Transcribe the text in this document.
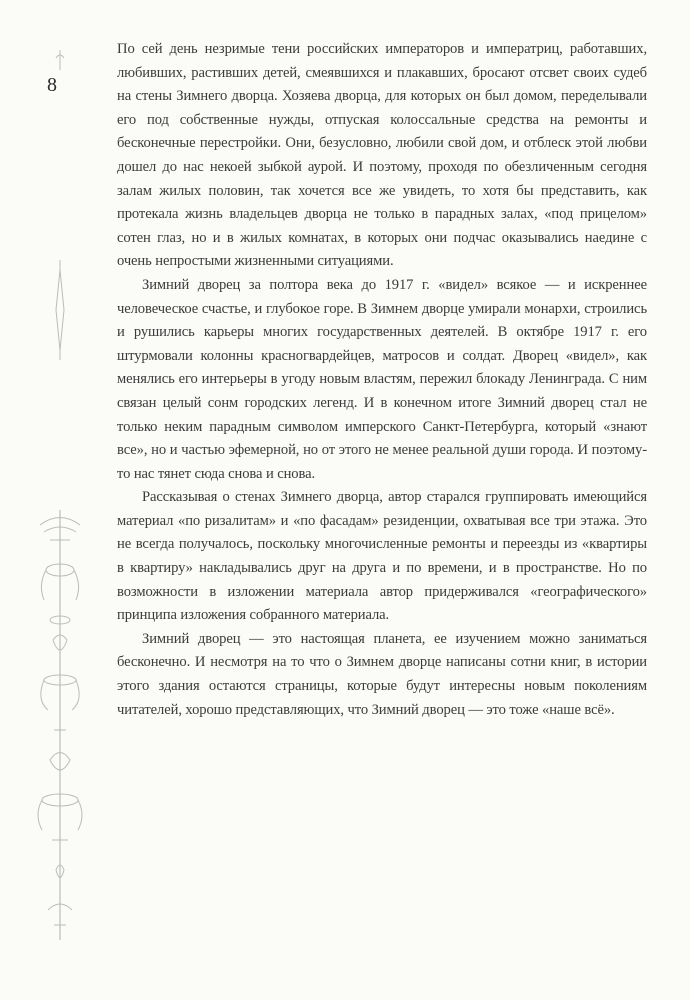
8

По сей день незримые тени российских императоров и императриц, работавших, любивших, растивших детей, смеявшихся и плакавших, бросают отсвет своих судеб на стены Зимнего дворца. Хозяева дворца, для которых он был домом, переделывали его под собственные нужды, отпуская колоссальные средства на ремонты и бесконечные перестройки. Они, безусловно, любили свой дом, и отблеск этой любви дошел до нас некоей зыбкой аурой. И поэтому, проходя по обезличенным сегодня залам жилых половин, так хочется все же увидеть, то хотя бы представить, как протекала жизнь владельцев дворца не только в парадных залах, «под прицелом» сотен глаз, но и в жилых комнатах, в которых они подчас оказывались наедине с очень непростыми жизненными ситуациями.

Зимний дворец за полтора века до 1917 г. «видел» всякое — и искреннее человеческое счастье, и глубокое горе. В Зимнем дворце умирали монархи, строились и рушились карьеры многих государственных деятелей. В октябре 1917 г. его штурмовали колонны красногвардейцев, матросов и солдат. Дворец «видел», как менялись его интерьеры в угоду новым властям, пережил блокаду Ленинграда. С ним связан целый сонм городских легенд. И в конечном итоге Зимний дворец стал не только неким парадным символом имперского Санкт-Петербурга, который «знают все», но и частью эфемерной, но от этого не менее реальной души города. И поэтому-то нас тянет сюда снова и снова.

Рассказывая о стенах Зимнего дворца, автор старался группировать имеющийся материал «по ризалитам» и «по фасадам» резиденции, охватывая все три этажа. Это не всегда получалось, поскольку многочисленные ремонты и переезды из «квартиры в квартиру» накладывались друг на друга и по времени, и в пространстве. Но по возможности в изложении материала автор придерживался «географического» принципа изложения собранного материала.

Зимний дворец — это настоящая планета, ее изучением можно заниматься бесконечно. И несмотря на то что о Зимнем дворце написаны сотни книг, в истории этого здания остаются страницы, которые будут интересны новым поколениям читателей, хорошо представляющих, что Зимний дворец — это тоже «наше всё».
